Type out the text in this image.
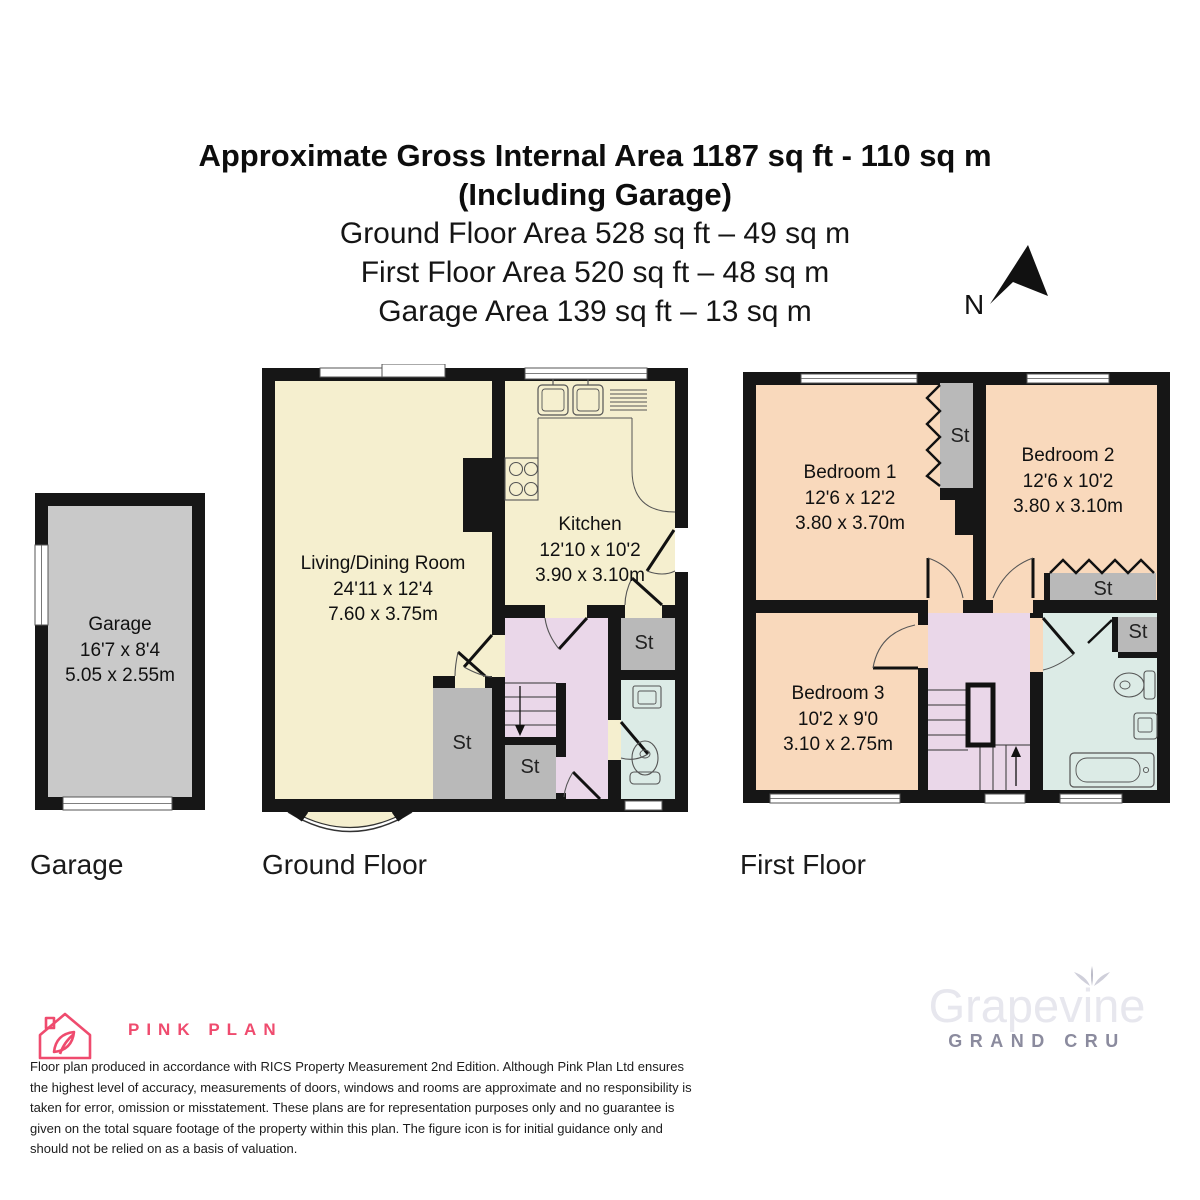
Approximate Gross Internal Area 1187 sq ft - 110 sq m
(Including Garage)
Ground Floor Area 528 sq ft – 49 sq m
First Floor Area 520 sq ft – 48 sq m
Garage Area 139 sq ft – 13 sq m	N
Garage
16'7 x 8'4
5.05 x 2.55m
Living/Dining Room
24'11 x 12'4
7.60 x 3.75m
Kitchen
12'10 x 10'2
3.90 x 3.10m
Bedroom 1
12'6 x 12'2
3.80 x 3.70m
Bedroom 2
12'6 x 10'2
3.80 x 3.10m
Bedroom 3
10'2 x 9'0
3.10 x 2.75m
St
St
St
St
St
St
Garage	Ground Floor	First Floor
PINK PLAN
Floor plan produced in accordance with RICS Property Measurement 2nd Edition. Although Pink Plan Ltd ensures the highest level of accuracy, measurements of doors, windows and rooms are approximate and no responsibility is taken for error, omission or misstatement. These plans are for representation purposes only and no guarantee is given on the total square footage of the property within this plan. The figure icon is for initial guidance only and should not be relied on as a basis of valuation.
Grapevine
GRAND CRU
